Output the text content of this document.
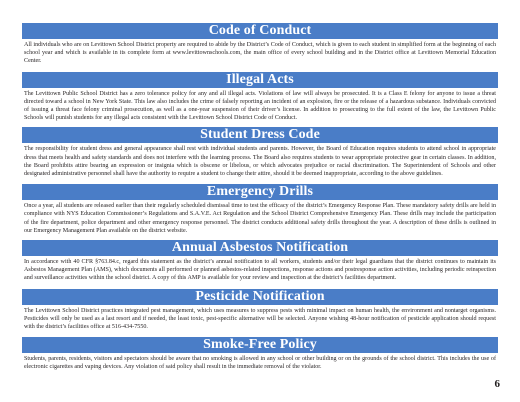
Code of Conduct

All individuals who are on Levittown School District property are required to abide by the District’s Code of Conduct, which is given to each student in simplified form at the beginning of each school year and which is available in its complete form at www.levittownschools.com, the main office of every school building and in the District office at Levittown Memorial Education Center.

Illegal Acts

The Levittown Public School District has a zero tolerance policy for any and all illegal acts. Violations of law will always be prosecuted. It is a Class E felony for anyone to issue a threat directed toward a school in New York State. This law also includes the crime of falsely reporting an incident of an explosion, fire or the release of a hazardous substance. Individuals convicted of issuing a threat face felony criminal prosecution, as well as a one-year suspension of their driver’s license. In addition to prosecuting to the full extent of the law, the Levittown Public Schools will punish students for any illegal acts consistent with the Levittown School District Code of Conduct.

Student Dress Code

The responsibility for student dress and general appearance shall rest with individual students and parents. However, the Board of Education requires students to attend school in appropriate dress that meets health and safety standards and does not interfere with the learning process. The Board also requires students to wear appropriate protective gear in certain classes. In addition, the Board prohibits attire bearing an expression or insignia which is obscene or libelous, or which advocates prejudice or racial discrimination. The Superintendent of Schools and other designated administrative personnel shall have the authority to require a student to change their attire, should it be deemed inappropriate, according to the above guidelines.

Emergency Drills

Once a year, all students are released earlier than their regularly scheduled dismissal time to test the efficacy of the district’s Emergency Response Plan. These mandatory safety drills are held in compliance with NYS Education Commissioner’s Regulations and S.A.V.E. Act Regulation and the School District Comprehensive Emergency Plan. These drills may include the participation of the fire department, police department and other emergency response personnel. The district conducts additional safety drills throughout the year. A description of these drills is outlined in our Emergency Management Plan available on the district website.

Annual Asbestos Notification

In accordance with 40 CFR §763.84.c, regard this statement as the district’s annual notification to all workers, students and/or their legal guardians that the district continues to maintain its Asbestos Management Plan (AMS), which documents all performed or planned asbestos-related inspections, response actions and postresponse action activities, including periodic reinspection and surveillance activities within the school district. A copy of this AMP is available for your review and inspection at the district’s facilities department.

Pesticide Notification

The Levittown School District practices integrated pest management, which uses measures to suppress pests with minimal impact on human health, the environment and nontarget organisms. Pesticides will only be used as a last resort and if needed, the least toxic, pest-specific alternative will be selected. Anyone wishing 48-hour notification of pesticide application should request with the district’s facilities office at 516-434-7550.

Smoke-Free Policy

Students, parents, residents, visitors and spectators should be aware that no smoking is allowed in any school or other building or on the grounds of the school district. This includes the use of electronic cigarettes and vaping devices. Any violation of said policy shall result in the immediate removal of the violator.

6
